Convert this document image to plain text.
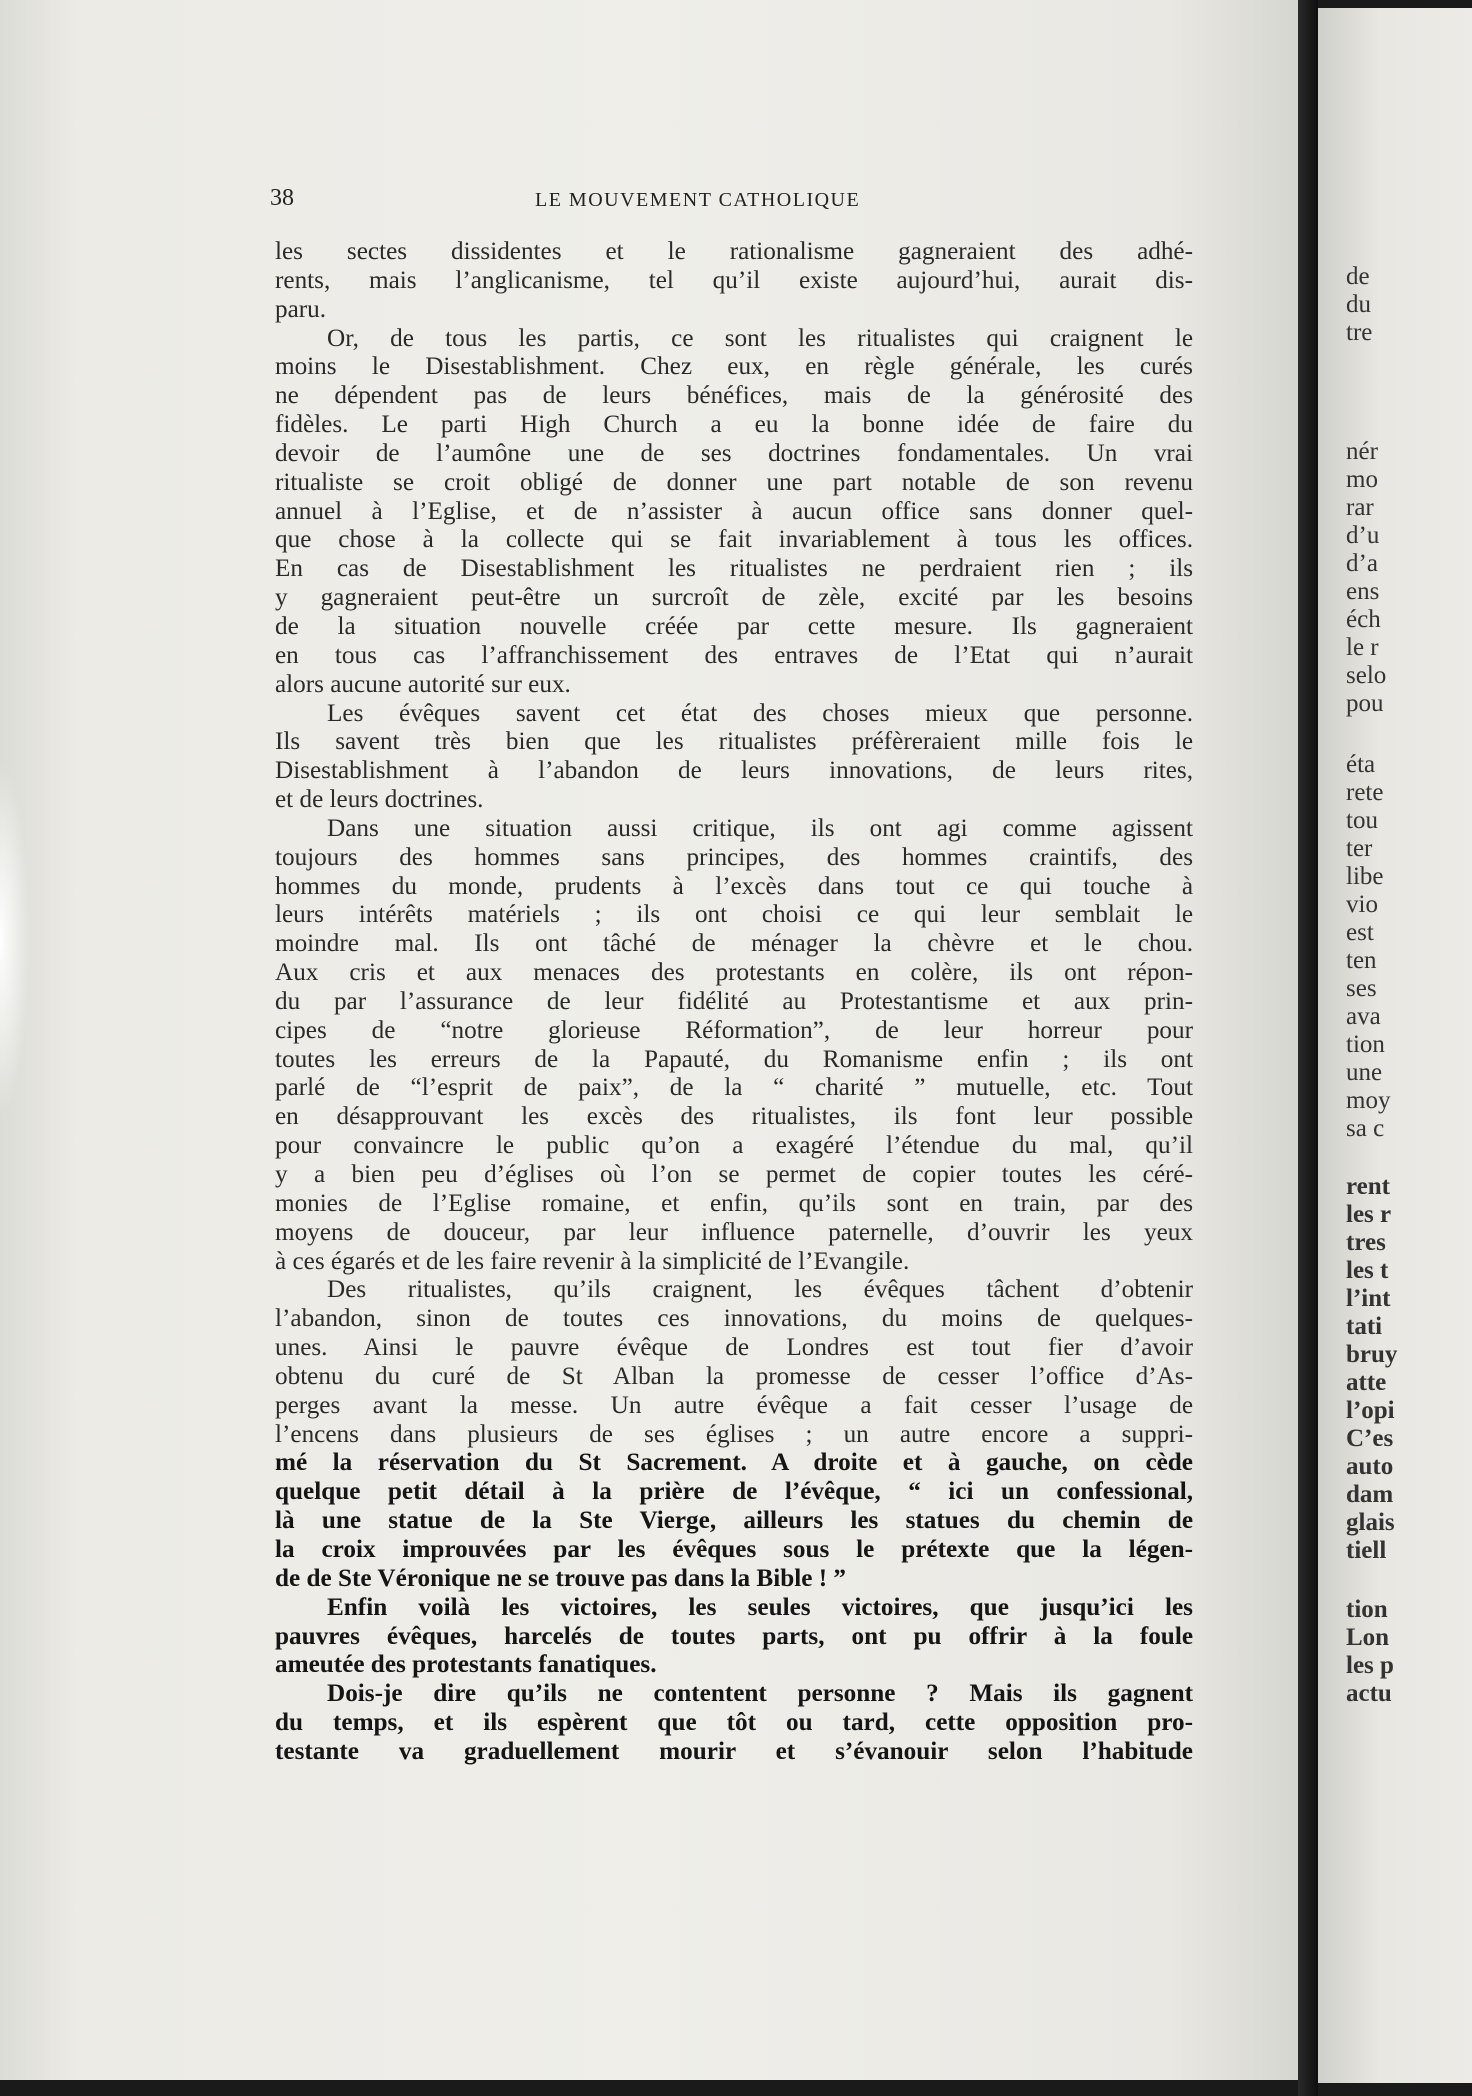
38	LE MOUVEMENT CATHOLIQUE
les sectes dissidentes et le rationalisme gagneraient des adhé-
rents, mais l’anglicanisme, tel qu’il existe aujourd’hui, aurait dis-
paru.
Or, de tous les partis, ce sont les ritualistes qui craignent le
moins le Disestablishment. Chez eux, en règle générale, les curés
ne dépendent pas de leurs bénéfices, mais de la générosité des
fidèles. Le parti High Church a eu la bonne idée de faire du
devoir de l’aumône une de ses doctrines fondamentales. Un vrai
ritualiste se croit obligé de donner une part notable de son revenu
annuel à l’Eglise, et de n’assister à aucun office sans donner quel-
que chose à la collecte qui se fait invariablement à tous les offices.
En cas de Disestablishment les ritualistes ne perdraient rien ; ils
y gagneraient peut-être un surcroît de zèle, excité par les besoins
de la situation nouvelle créée par cette mesure. Ils gagneraient
en tous cas l’affranchissement des entraves de l’Etat qui n’aurait
alors aucune autorité sur eux.
Les évêques savent cet état des choses mieux que personne.
Ils savent très bien que les ritualistes préfèreraient mille fois le
Disestablishment à l’abandon de leurs innovations, de leurs rites,
et de leurs doctrines.
Dans une situation aussi critique, ils ont agi comme agissent
toujours des hommes sans principes, des hommes craintifs, des
hommes du monde, prudents à l’excès dans tout ce qui touche à
leurs intérêts matériels ; ils ont choisi ce qui leur semblait le
moindre mal. Ils ont tâché de ménager la chèvre et le chou.
Aux cris et aux menaces des protestants en colère, ils ont répon-
du par l’assurance de leur fidélité au Protestantisme et aux prin-
cipes de “notre glorieuse Réformation”, de leur horreur pour
toutes les erreurs de la Papauté, du Romanisme enfin ; ils ont
parlé de “l’esprit de paix”, de la “ charité ” mutuelle, etc. Tout
en désapprouvant les excès des ritualistes, ils font leur possible
pour convaincre le public qu’on a exagéré l’étendue du mal, qu’il
y a bien peu d’églises où l’on se permet de copier toutes les céré-
monies de l’Eglise romaine, et enfin, qu’ils sont en train, par des
moyens de douceur, par leur influence paternelle, d’ouvrir les yeux
à ces égarés et de les faire revenir à la simplicité de l’Evangile.
Des ritualistes, qu’ils craignent, les évêques tâchent d’obtenir
l’abandon, sinon de toutes ces innovations, du moins de quelques-
unes. Ainsi le pauvre évêque de Londres est tout fier d’avoir
obtenu du curé de St Alban la promesse de cesser l’office d’As-
perges avant la messe. Un autre évêque a fait cesser l’usage de
l’encens dans plusieurs de ses églises ; un autre encore a suppri-
mé la réservation du St Sacrement. A droite et à gauche, on cède
quelque petit détail à la prière de l’évêque, “ ici un confessional,
là une statue de la Ste Vierge, ailleurs les statues du chemin de
la croix improuvées par les évêques sous le prétexte que la légen-
de de Ste Véronique ne se trouve pas dans la Bible ! ”
Enfin voilà les victoires, les seules victoires, que jusqu’ici les
pauvres évêques, harcelés de toutes parts, ont pu offrir à la foule
ameutée des protestants fanatiques.
Dois-je dire qu’ils ne contentent personne ? Mais ils gagnent
du temps, et ils espèrent que tôt ou tard, cette opposition pro-
testante va graduellement mourir et s’évanouir selon l’habitude
de
du
tre
nér
mo
rar
d’u
d’a
ens
éch
le r
selo
pou
éta
rete
tou
ter
libe
vio
est
ten
ses
ava
tion
une
moy
sa c
rent
les r
tres
les t
l’int
tati
bruy
atte
l’opi
C’es
auto
dam
glais
tiell
tion
Lon
les p
actu
